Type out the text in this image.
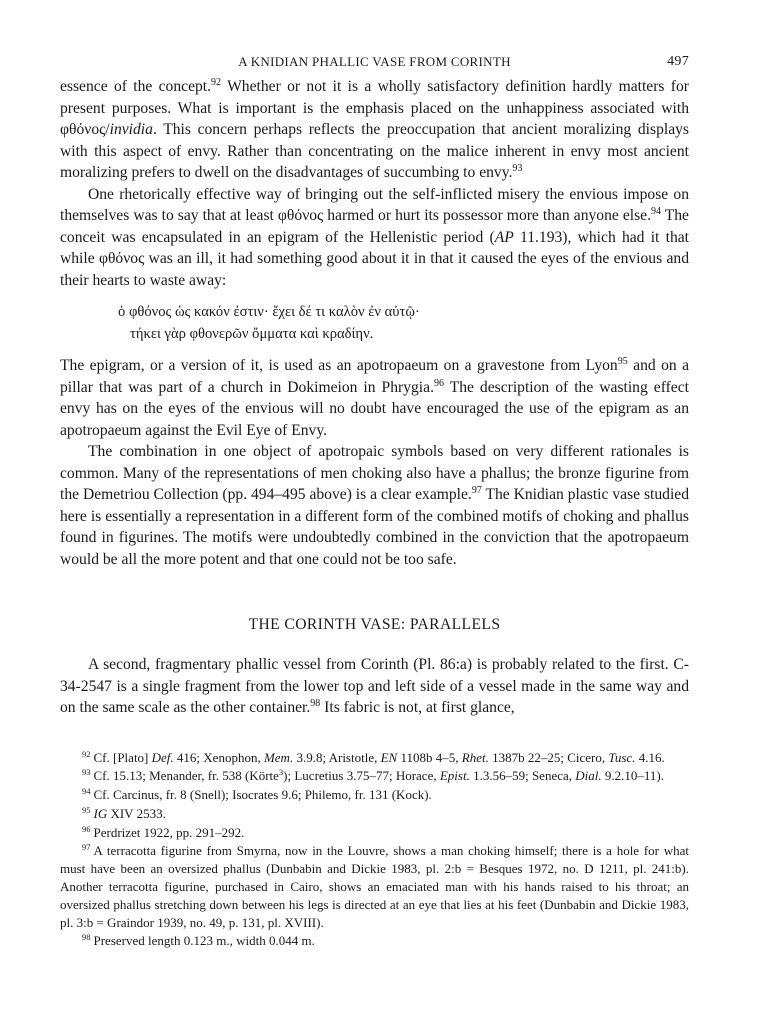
A KNIDIAN PHALLIC VASE FROM CORINTH	497

essence of the concept.$^{92}$ Whether or not it is a wholly satisfactory definition hardly matters for present purposes. What is important is the emphasis placed on the unhappiness associated with φθόνος/invidia. This concern perhaps reflects the preoccupation that ancient moralizing displays with this aspect of envy. Rather than concentrating on the malice inherent in envy most ancient moralizing prefers to dwell on the disadvantages of succumbing to envy.$^{93}$

One rhetorically effective way of bringing out the self-inflicted misery the envious impose on themselves was to say that at least φθόνος harmed or hurt its possessor more than anyone else.$^{94}$ The conceit was encapsulated in an epigram of the Hellenistic period (AP 11.193), which had it that while φθόνος was an ill, it had something good about it in that it caused the eyes of the envious and their hearts to waste away:

ὁ φθόνος ὡς κακόν ἐστιν· ἔχει δέ τι καλὸν ἐν αὐτῷ·
τήκει γὰρ φθονερῶν ὄμματα καὶ κραδίην.

The epigram, or a version of it, is used as an apotropaeum on a gravestone from Lyon$^{95}$ and on a pillar that was part of a church in Dokimeion in Phrygia.$^{96}$ The description of the wasting effect envy has on the eyes of the envious will no doubt have encouraged the use of the epigram as an apotropaeum against the Evil Eye of Envy.

The combination in one object of apotropaic symbols based on very different rationales is common. Many of the representations of men choking also have a phallus; the bronze figurine from the Demetriou Collection (pp. 494–495 above) is a clear example.$^{97}$ The Knidian plastic vase studied here is essentially a representation in a different form of the combined motifs of choking and phallus found in figurines. The motifs were undoubtedly combined in the conviction that the apotropaeum would be all the more potent and that one could not be too safe.

THE CORINTH VASE: PARALLELS

A second, fragmentary phallic vessel from Corinth (Pl. 86:a) is probably related to the first. C-34-2547 is a single fragment from the lower top and left side of a vessel made in the same way and on the same scale as the other container.$^{98}$ Its fabric is not, at first glance,

$^{92}$ Cf. [Plato] Def. 416; Xenophon, Mem. 3.9.8; Aristotle, EN 1108b 4–5, Rhet. 1387b 22–25; Cicero, Tusc. 4.16.

$^{93}$ Cf. 15.13; Menander, fr. 538 (Körte$^3$); Lucretius 3.75–77; Horace, Epist. 1.3.56–59; Seneca, Dial. 9.2.10–11).

$^{94}$ Cf. Carcinus, fr. 8 (Snell); Isocrates 9.6; Philemo, fr. 131 (Kock).

$^{95}$ IG XIV 2533.

$^{96}$ Perdrizet 1922, pp. 291–292.

$^{97}$ A terracotta figurine from Smyrna, now in the Louvre, shows a man choking himself; there is a hole for what must have been an oversized phallus (Dunbabin and Dickie 1983, pl. 2:b = Besques 1972, no. D 1211, pl. 241:b). Another terracotta figurine, purchased in Cairo, shows an emaciated man with his hands raised to his throat; an oversized phallus stretching down between his legs is directed at an eye that lies at his feet (Dunbabin and Dickie 1983, pl. 3:b = Graindor 1939, no. 49, p. 131, pl. XVIII).

$^{98}$ Preserved length 0.123 m., width 0.044 m.
